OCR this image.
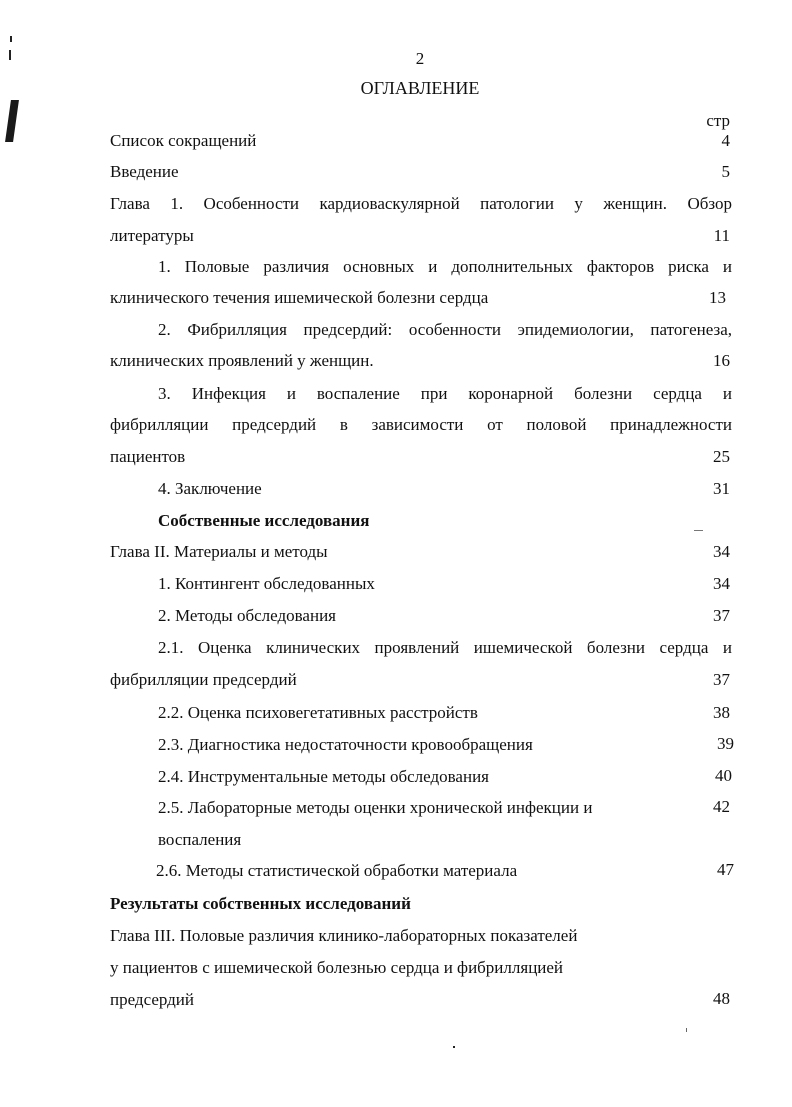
2
ОГЛАВЛЕНИЕ
стр
Список сокращений	4
Введение	5
Глава 1. Особенности кардиоваскулярной патологии у женщин. Обзор
литературы	11
1. Половые различия основных и дополнительных факторов риска и
клинического течения ишемической болезни сердца	13
2. Фибрилляция предсердий: особенности эпидемиологии, патогенеза,
клинических проявлений у женщин.	16
3. Инфекция и воспаление при коронарной болезни сердца и
фибрилляции предсердий в зависимости от половой принадлежности
пациентов	25
4. Заключение	31
Собственные исследования
Глава II. Материалы и методы	34
1. Контингент обследованных	34
2. Методы обследования	37
2.1. Оценка клинических проявлений ишемической болезни сердца и
фибрилляции предсердий	37
2.2. Оценка психовегетативных расстройств	38
2.3. Диагностика недостаточности кровообращения	39
2.4. Инструментальные методы обследования	40
2.5. Лабораторные методы оценки хронической инфекции и	42
воспаления
2.6. Методы статистической обработки материала	47
Результаты собственных исследований
Глава III. Половые различия клинико-лабораторных показателей
у пациентов с ишемической болезнью сердца и фибрилляцией
предсердий	48
